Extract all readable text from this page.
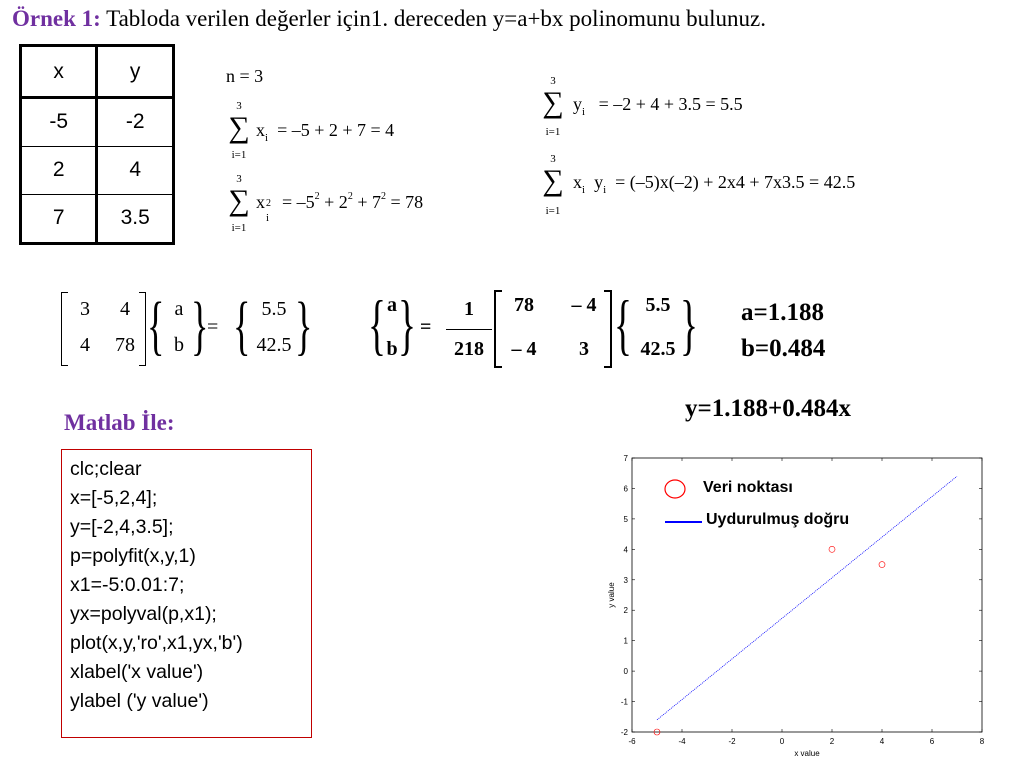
Örnek 1: Tabloda verilen değerler için1. dereceden y=a+bx polinomunu bulunuz.
x	y
-5	-2
2	4
7	3.5
n = 3
3
∑
i=1
$x_i = -5 + 2 + 7 = 4$
3
∑
i=1
x 2
i
= $-5^2 + 2^2 + 7^2 = 78$
3
∑
i=1
$y_i = -2 + 4 + 3.5 = 5.5$
3
∑
i=1
$x_i$ $y_i = (-5)x(-2) + 2x4 + 7x3.5 = 42.5$
3	4
4	78 { a
b }
= { 5.5
42.5 } { a
b } =
1
218
78	– 4
– 4	3 { 5.5
42.5 } a=1.188
b=0.484
y=1.188+0.484x
Matlab İle:
clc;clear
x=[-5,2,4];
y=[-2,4,3.5];
p=polyfit(x,y,1)
x1=-5:0.01:7;
yx=polyval(p,x1);
plot(x,y,'ro',x1,yx,'b')
xlabel('x value')
ylabel ('y value')
-6	-4	-2	0	2	4	6	8
-2
-1
0
1
2
3
4
5
6
7
x value
y value
Veri noktası
Uydurulmuş doğru
